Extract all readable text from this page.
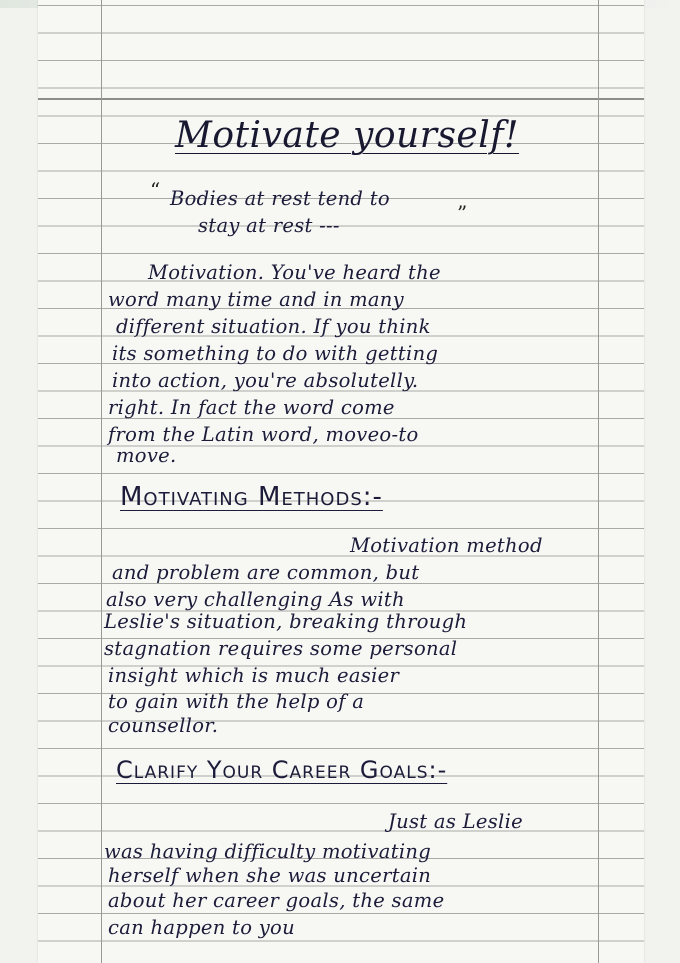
Motivate yourself!
“ Bodies at rest tend to
”
stay at rest ---
Motivation. You've heard the
word many time and in many
different situation. If you think
its something to do with getting
into action, you're absolutelly.
right. In fact the word come
from the Latin word, moveo-to
move.
Motivating Methods:-
Motivation method
and problem are common, but
also very challenging As with
Leslie's situation, breaking through
stagnation requires some personal
insight which is much easier
to gain with the help of a
counsellor.
Clarify Your Career Goals:-
Just as Leslie
was having difficulty motivating
herself when she was uncertain
about her career goals, the same
can happen to you
